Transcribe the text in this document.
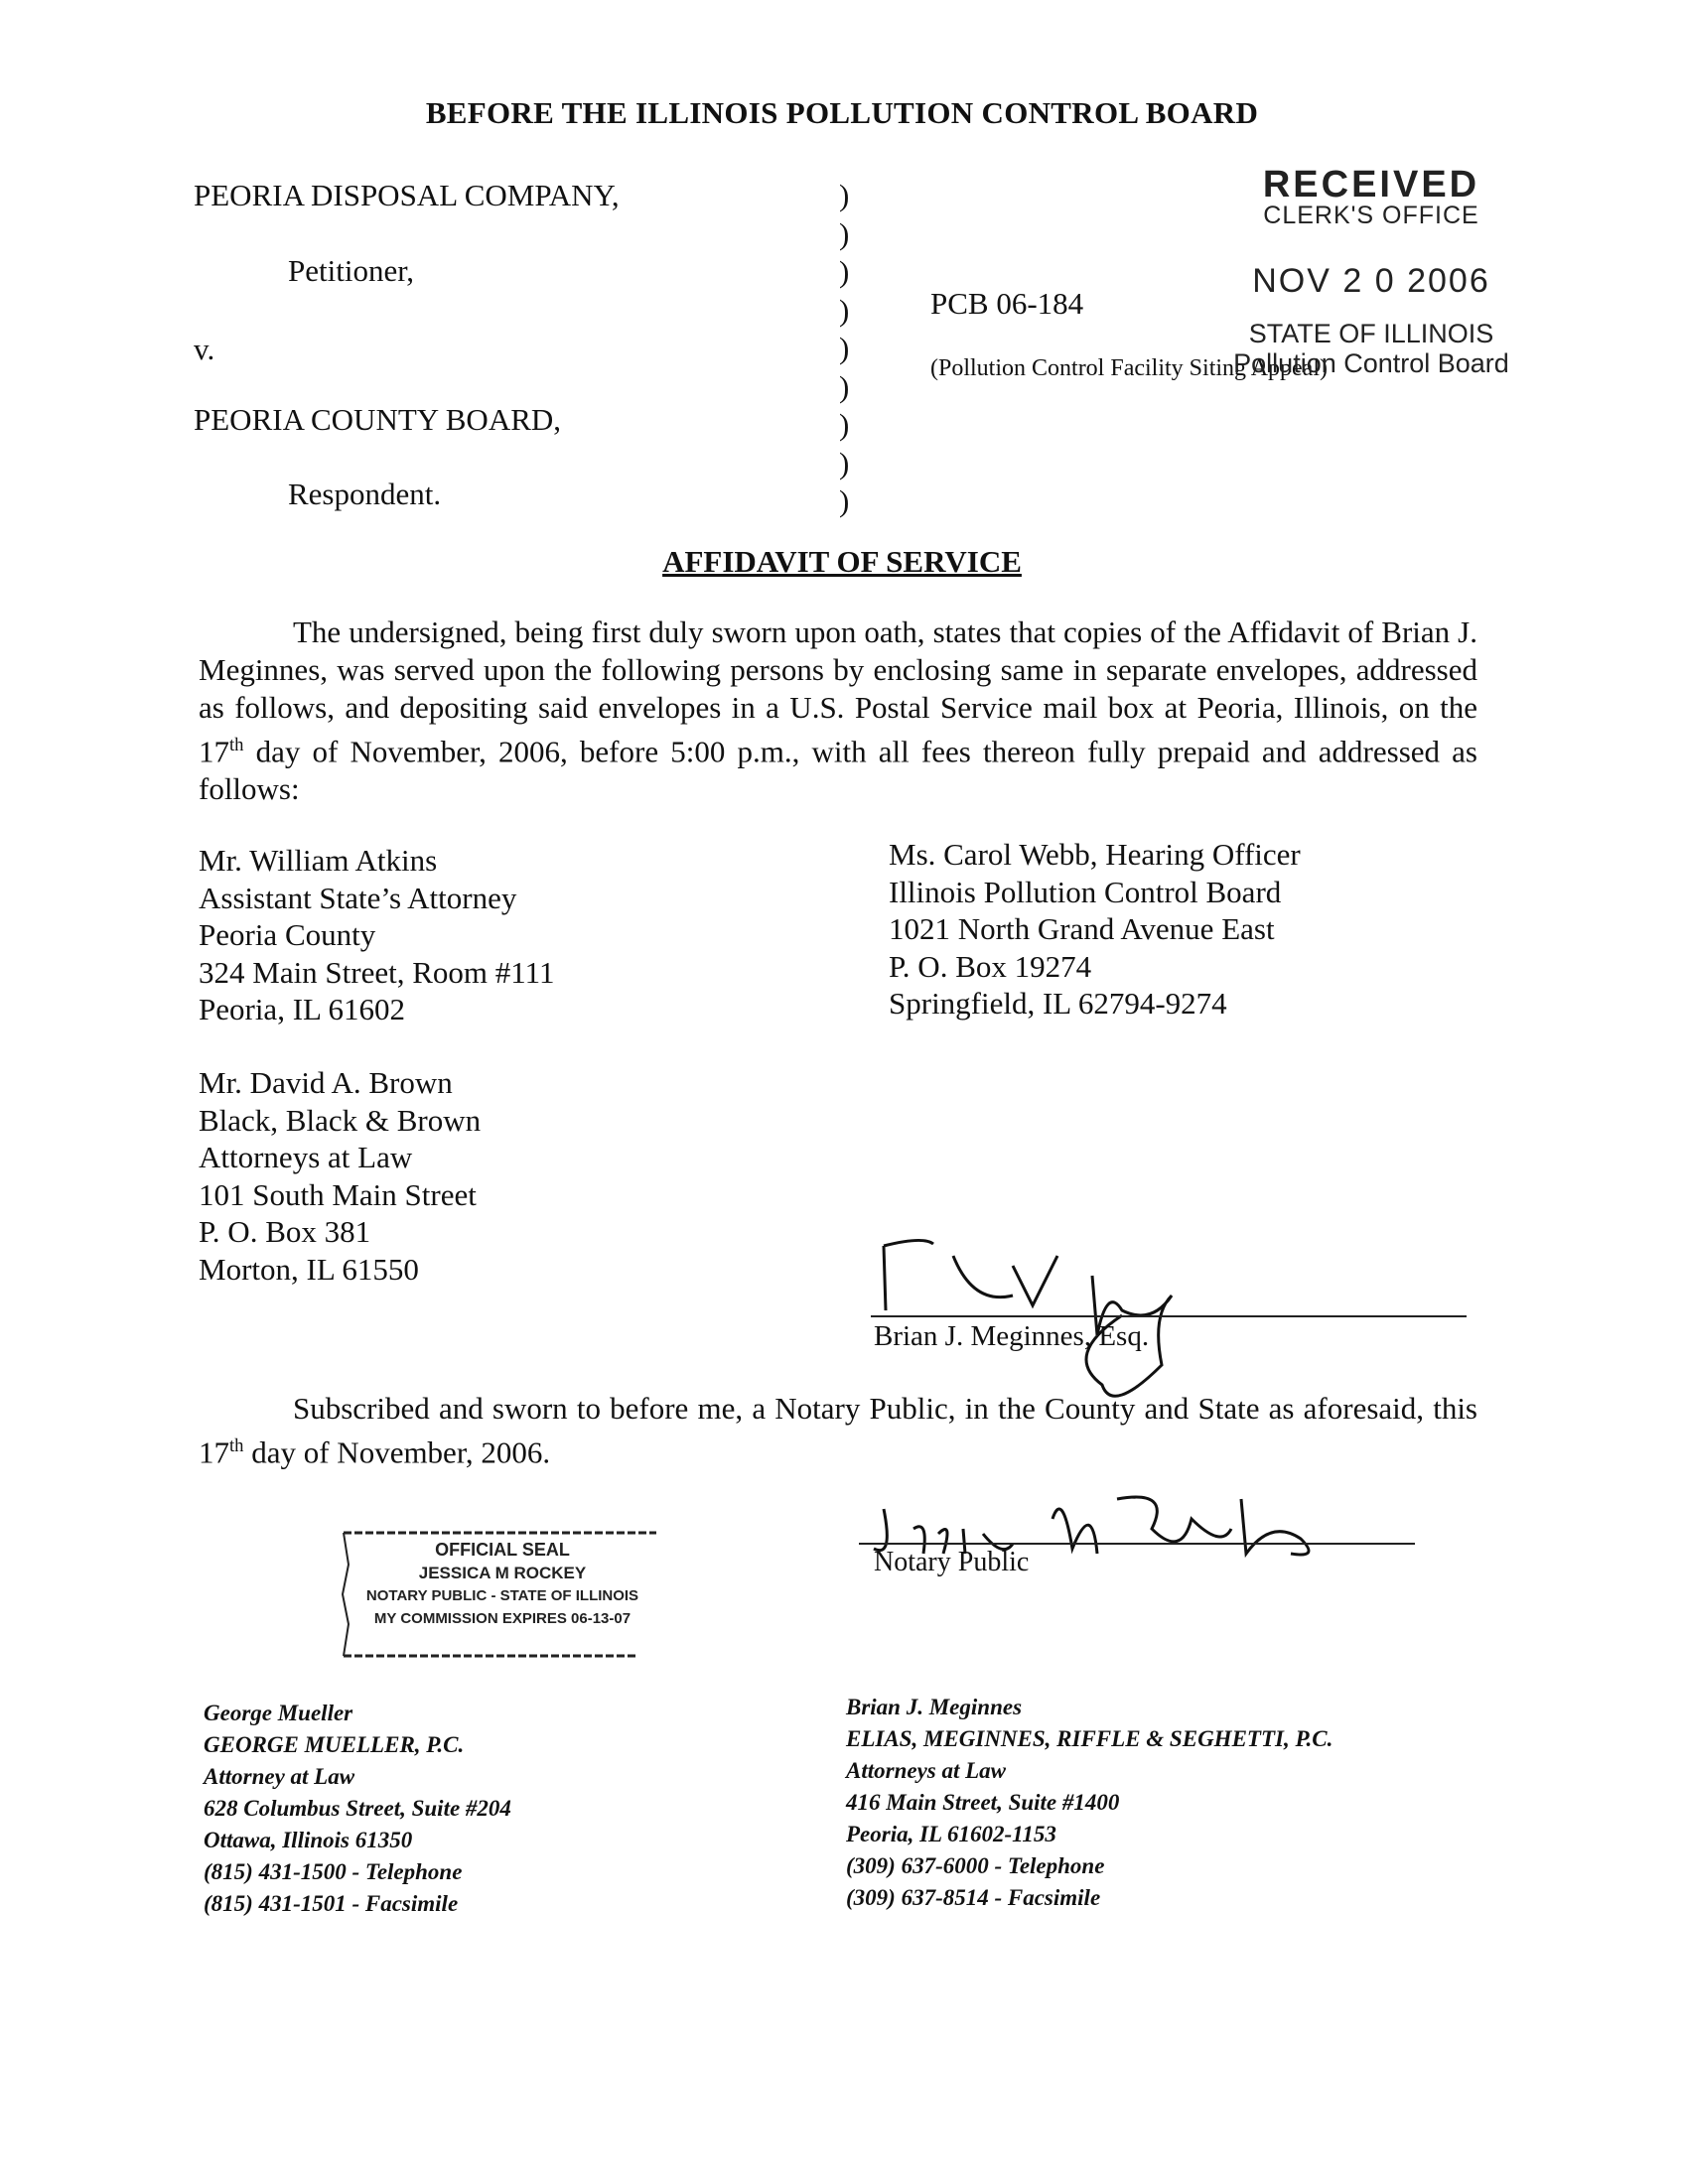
BEFORE THE ILLINOIS POLLUTION CONTROL BOARD
PEORIA DISPOSAL COMPANY,
Petitioner,
v.
PEORIA COUNTY BOARD,
Respondent.
)
)
)
)
)
)
)
)
)
PCB 06-184
(Pollution Control Facility Siting Appeal)
RECEIVED
CLERK'S OFFICE
NOV 2 0 2006
STATE OF ILLINOIS
Pollution Control Board
AFFIDAVIT OF SERVICE
The undersigned, being first duly sworn upon oath, states that copies of the Affidavit of Brian J. Meginnes, was served upon the following persons by enclosing same in separate envelopes, addressed as follows, and depositing said envelopes in a U.S. Postal Service mail box at Peoria, Illinois, on the 17th day of November, 2006, before 5:00 p.m., with all fees thereon fully prepaid and addressed as follows:
Mr. William Atkins
Assistant State’s Attorney
Peoria County
324 Main Street, Room #111
Peoria, IL 61602
Ms. Carol Webb, Hearing Officer
Illinois Pollution Control Board
1021 North Grand Avenue East
P. O. Box 19274
Springfield, IL 62794-9274
Mr. David A. Brown
Black, Black & Brown
Attorneys at Law
101 South Main Street
P. O. Box 381
Morton, IL 61550
Brian J. Meginnes, Esq.
Subscribed and sworn to before me, a Notary Public, in the County and State as aforesaid, this 17th day of November, 2006.
OFFICIAL SEAL
JESSICA M ROCKEY
NOTARY PUBLIC - STATE OF ILLINOIS
MY COMMISSION EXPIRES 06-13-07
Notary Public
George Mueller
GEORGE MUELLER, P.C.
Attorney at Law
628 Columbus Street, Suite #204
Ottawa, Illinois 61350
(815) 431-1500 - Telephone
(815) 431-1501 - Facsimile
Brian J. Meginnes
ELIAS, MEGINNES, RIFFLE & SEGHETTI, P.C.
Attorneys at Law
416 Main Street, Suite #1400
Peoria, IL 61602-1153
(309) 637-6000 - Telephone
(309) 637-8514 - Facsimile
